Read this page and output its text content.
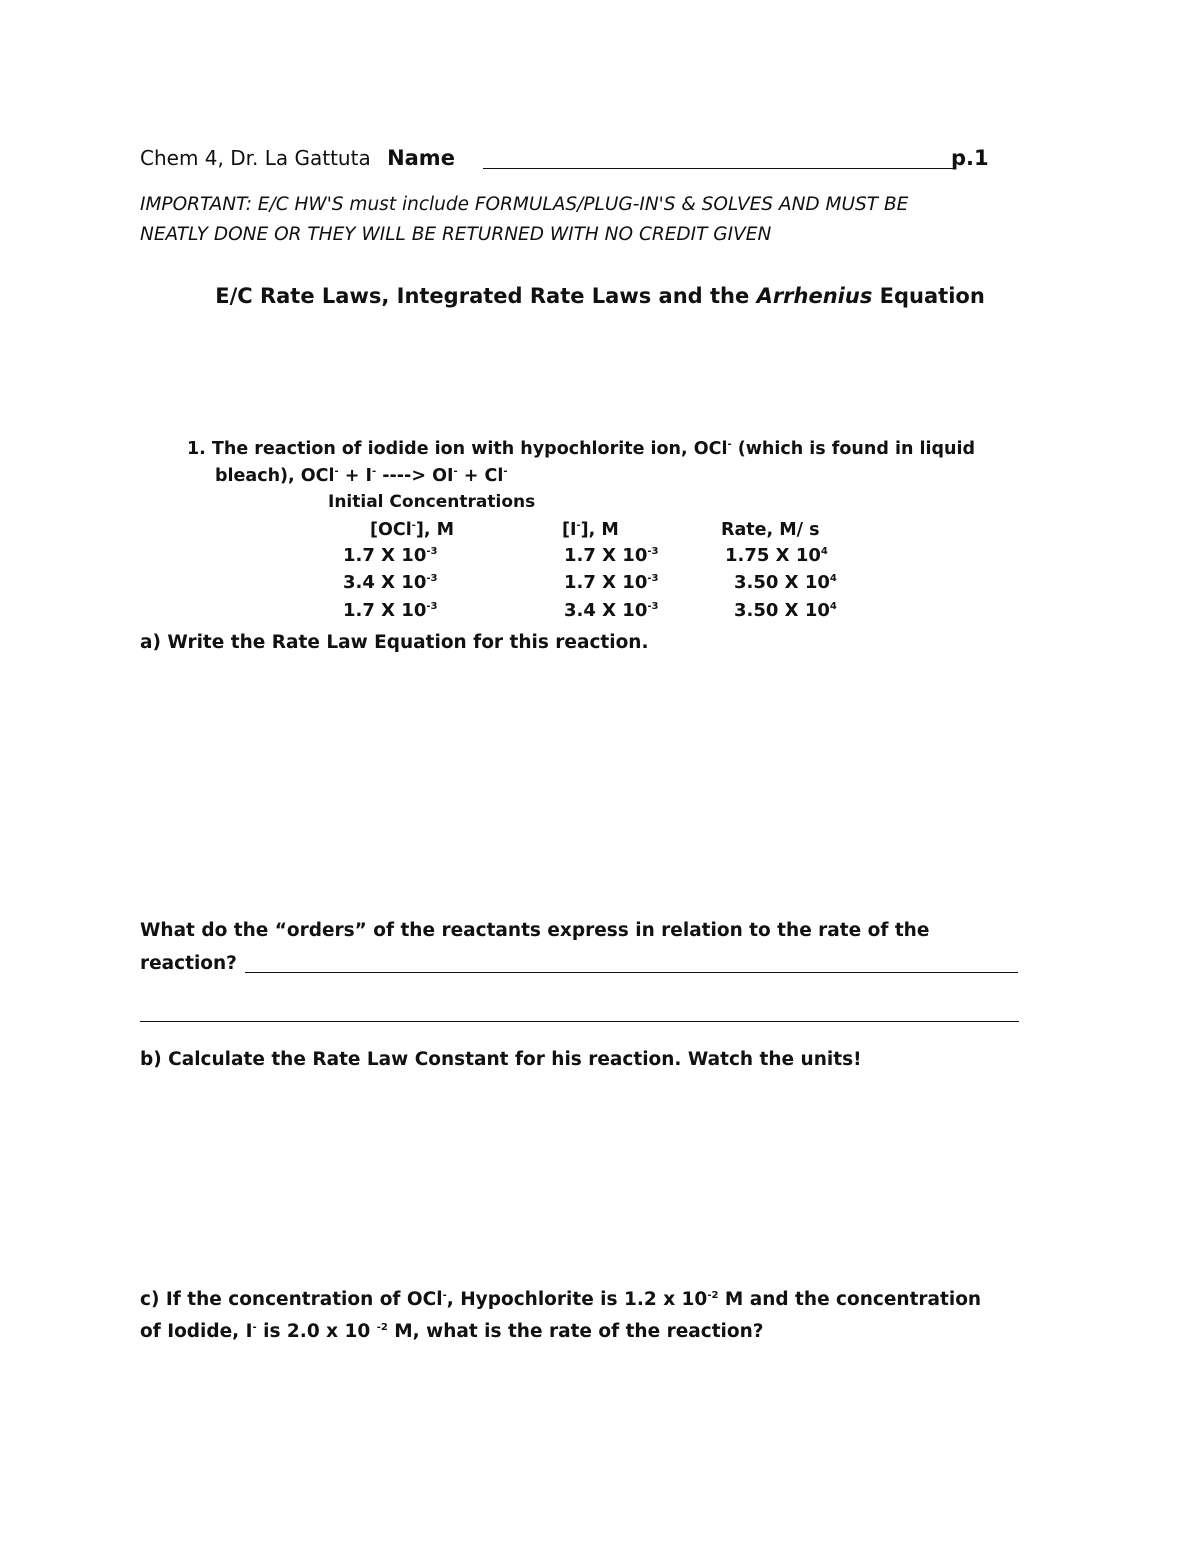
Chem 4, Dr. La Gattuta Name	p.1
IMPORTANT: E/C HW'S must include FORMULAS/PLUG-IN'S & SOLVES AND MUST BE
NEATLY DONE OR THEY WILL BE RETURNED WITH NO CREDIT GIVEN
E/C Rate Laws, Integrated Rate Laws and the Arrhenius Equation
1. The reaction of iodide ion with hypochlorite ion, OCl- (which is found in liquid
bleach), OCl- + I- ----> OI- + Cl-
Initial Concentrations
[OCl-], M	[I-], M	Rate, M/ s
1.7 X $10^{-3}$	1.7 X $10^{-3}$	1.75 X $10^4$
3.4 X $10^{-3}$	1.7 X $10^{-3}$	3.50 X $10^4$
1.7 X $10^{-3}$	3.4 X $10^{-3}$	3.50 X $10^4$
a) Write the Rate Law Equation for this reaction.
What do the “orders” of the reactants express in relation to the rate of the
reaction?
b) Calculate the Rate Law Constant for his reaction. Watch the units!
c) If the concentration of OCl-, Hypochlorite is 1.2 x $10^{-2}$ M and the concentration
of Iodide, I- is 2.0 x 10 $^{-2}$ M, what is the rate of the reaction?
